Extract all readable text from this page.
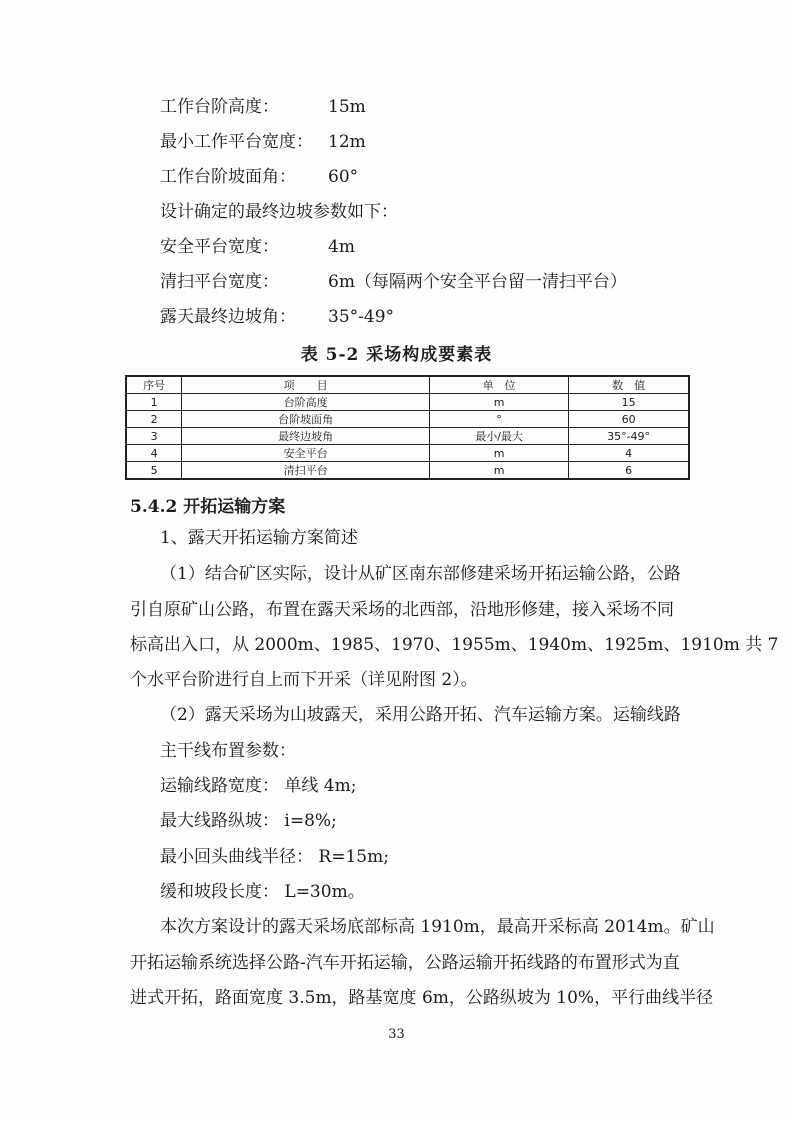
工作台阶高度：	15m
最小工作平台宽度： 12m
工作台阶坡面角： 60°
设计确定的最终边坡参数如下：
安全平台宽度：	4m
清扫平台宽度：	6m（每隔两个安全平台留一清扫平台）
露天最终边坡角： 35°-49°
表 5-2 采场构成要素表
序号	项　　目	单　位	数　值
1	台阶高度	m	15
2	台阶坡面角	°	60
3	最终边坡角	最小/最大	35°-49°
4	安全平台	m	4
5	清扫平台	m	6
5.4.2 开拓运输方案
1、露天开拓运输方案简述
（1）结合矿区实际，设计从矿区南东部修建采场开拓运输公路，公路
引自原矿山公路，布置在露天采场的北西部，沿地形修建，接入采场不同
标高出入口，从 2000m、1985、1970、1955m、1940m、1925m、1910m 共 7
个水平台阶进行自上而下开采（详见附图 2）。
（2）露天采场为山坡露天，采用公路开拓、汽车运输方案。运输线路
主干线布置参数：
运输线路宽度： 单线 4m;
最大线路纵坡： i=8%;
最小回头曲线半径： R=15m;
缓和坡段长度： L=30m。
本次方案设计的露天采场底部标高 1910m，最高开采标高 2014m。矿山
开拓运输系统选择公路-汽车开拓运输，公路运输开拓线路的布置形式为直
进式开拓，路面宽度 3.5m，路基宽度 6m，公路纵坡为 10%，平行曲线半径
33
